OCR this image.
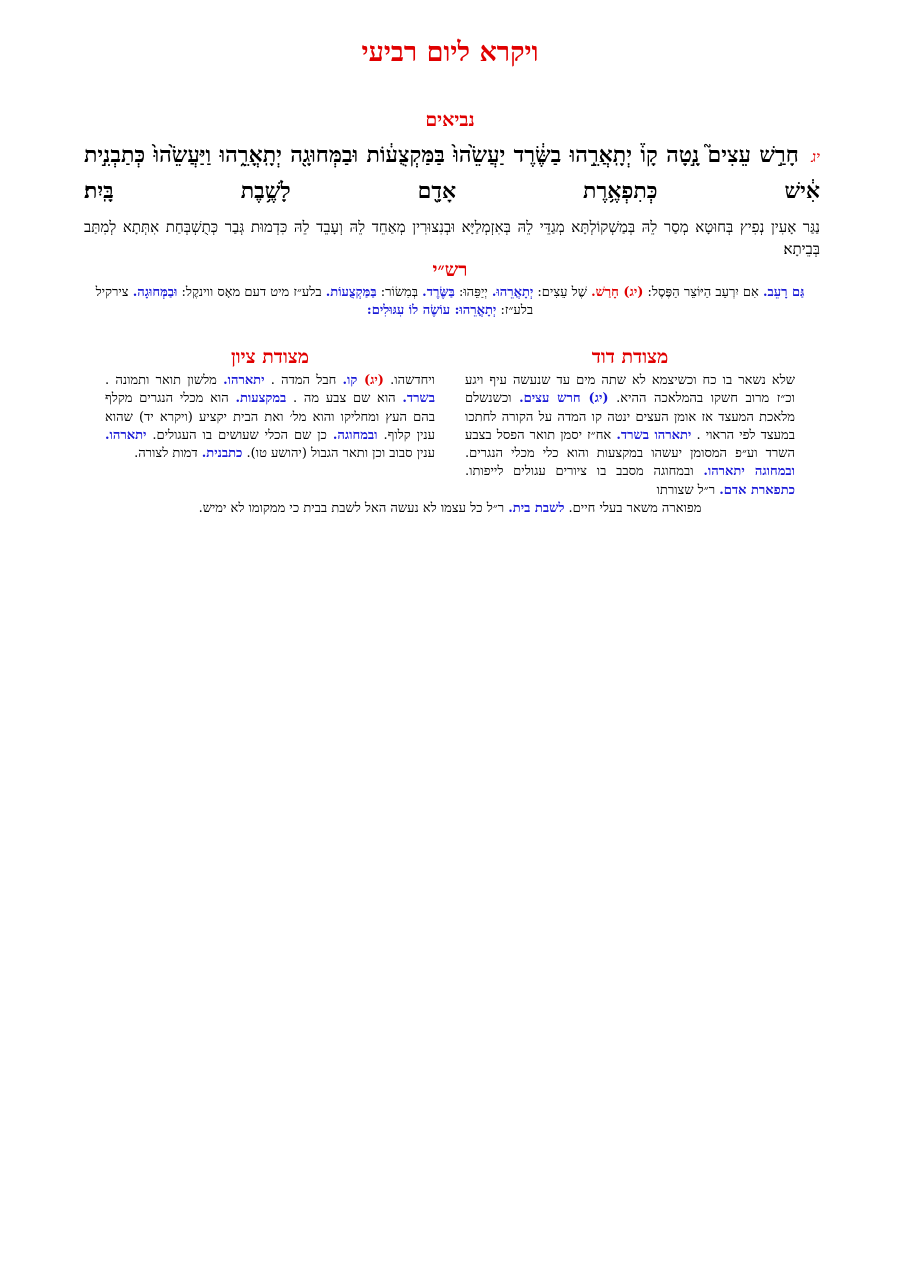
ויקרא ליום רביעי
נביאים
יג חָרַ֣שׁ עֵצִים֮ נָ֣טָה קָו֒ יְתָֽאֲרֵ֣הוּ בַשֶּׂ֔רֶד יַעֲשֵׂ֙הוּ֙ בַּמַּקְצֻע֔וֹת וּבַמְּחוּגָ֖ה יְתָֽאֳרֵ֑הוּ וַיַּעֲשֵׂ֙הוּ֙ כְּתַבְנִ֣ית אִ֔ישׁ כְּתִפְאֶ֥רֶת אָדָ֖ם לָשֶׁ֥בֶת בָּֽיִת׃
נַגַּר אָעִין נְפִיץ בְּחוּטָא מְסַר לֵהּ בְּמַשְׁקוֹלְתָּא מְגַדֵּי לֵהּ בְּאִזְמְלַיָּא וּבְנִצוּרִין מְאַחֵד לֵהּ וְעָבֵד לֵהּ כִּדְמוּת גְּבַר כְּתֻשְׁבְּחַת אִתְּתָא לְמִתַּב בְּבֵיתָא׃
רש״י
גַּם רָעֵב. אִם יִרְעַב הַיּוֹצֵר הַפֶּסֶל: (יג) חָרַשׁ. שֶׁל עֵצִים: יְתָאֲרֵהוּ. יְיַפֵּהוּ: בַּשֶּׂרֶד. בְּמִשׂוֹר: בַּמַּקְצֻעוֹת. בלע״ז מיט דעם מאָס ווינקֶל: וּבַמְּחוּגָה. צירקיל בלע״ז: יְתָאֳרֵהוּ: עוֹשֶׂה לוֹ עִגּוּלִים:
מצודת דוד
מצודת ציון
שלא נשאר בו כח וכשיצמא לא שתה מים עד שנעשה עיף ויגע וכ״ז מרוב חשקו בהמלאכה ההיא. (יג) חרש עצים. וכשנשלם מלאכת המעצד אז אומן העצים ינטה קו המדה על הקורה לחתכו במעצד לפי הראוי . יתארהו בשרד. אח״ז יסמן תואר הפסל בצבע השרד וע״פ המסומן יעשהו במקצעות והוא כלי מכלי הנגרים. ובמחוגה יתארהו. ובמחוגה מסבב בו ציורים עגולים לייפותו. כתפארת אדם. ר״ל שצורתו
ויחדשהו. (יג) קו. חבל המדה . יתארהו. מלשון תואר ותמונה . בשרד. הוא שם צבע מה . במקצעות. הוא מכלי הנגרים מקלף בהם העץ ומחליקו והוא מל׳ ואת הבית יקציע (ויקרא יד) שהוא ענין קלוף. ובמחוגה. כן שם הכלי שעושים בו העגולים. יתארהו. ענין סבוב וכן ותאר הגבול (יהושע טו). כתבנית. דמות לצורה.
מפוארה משאר בעלי חיים. לשבת בית. ר״ל כל עצמו לא נעשה האל לשבת בבית כי ממקומו לא ימיש.
